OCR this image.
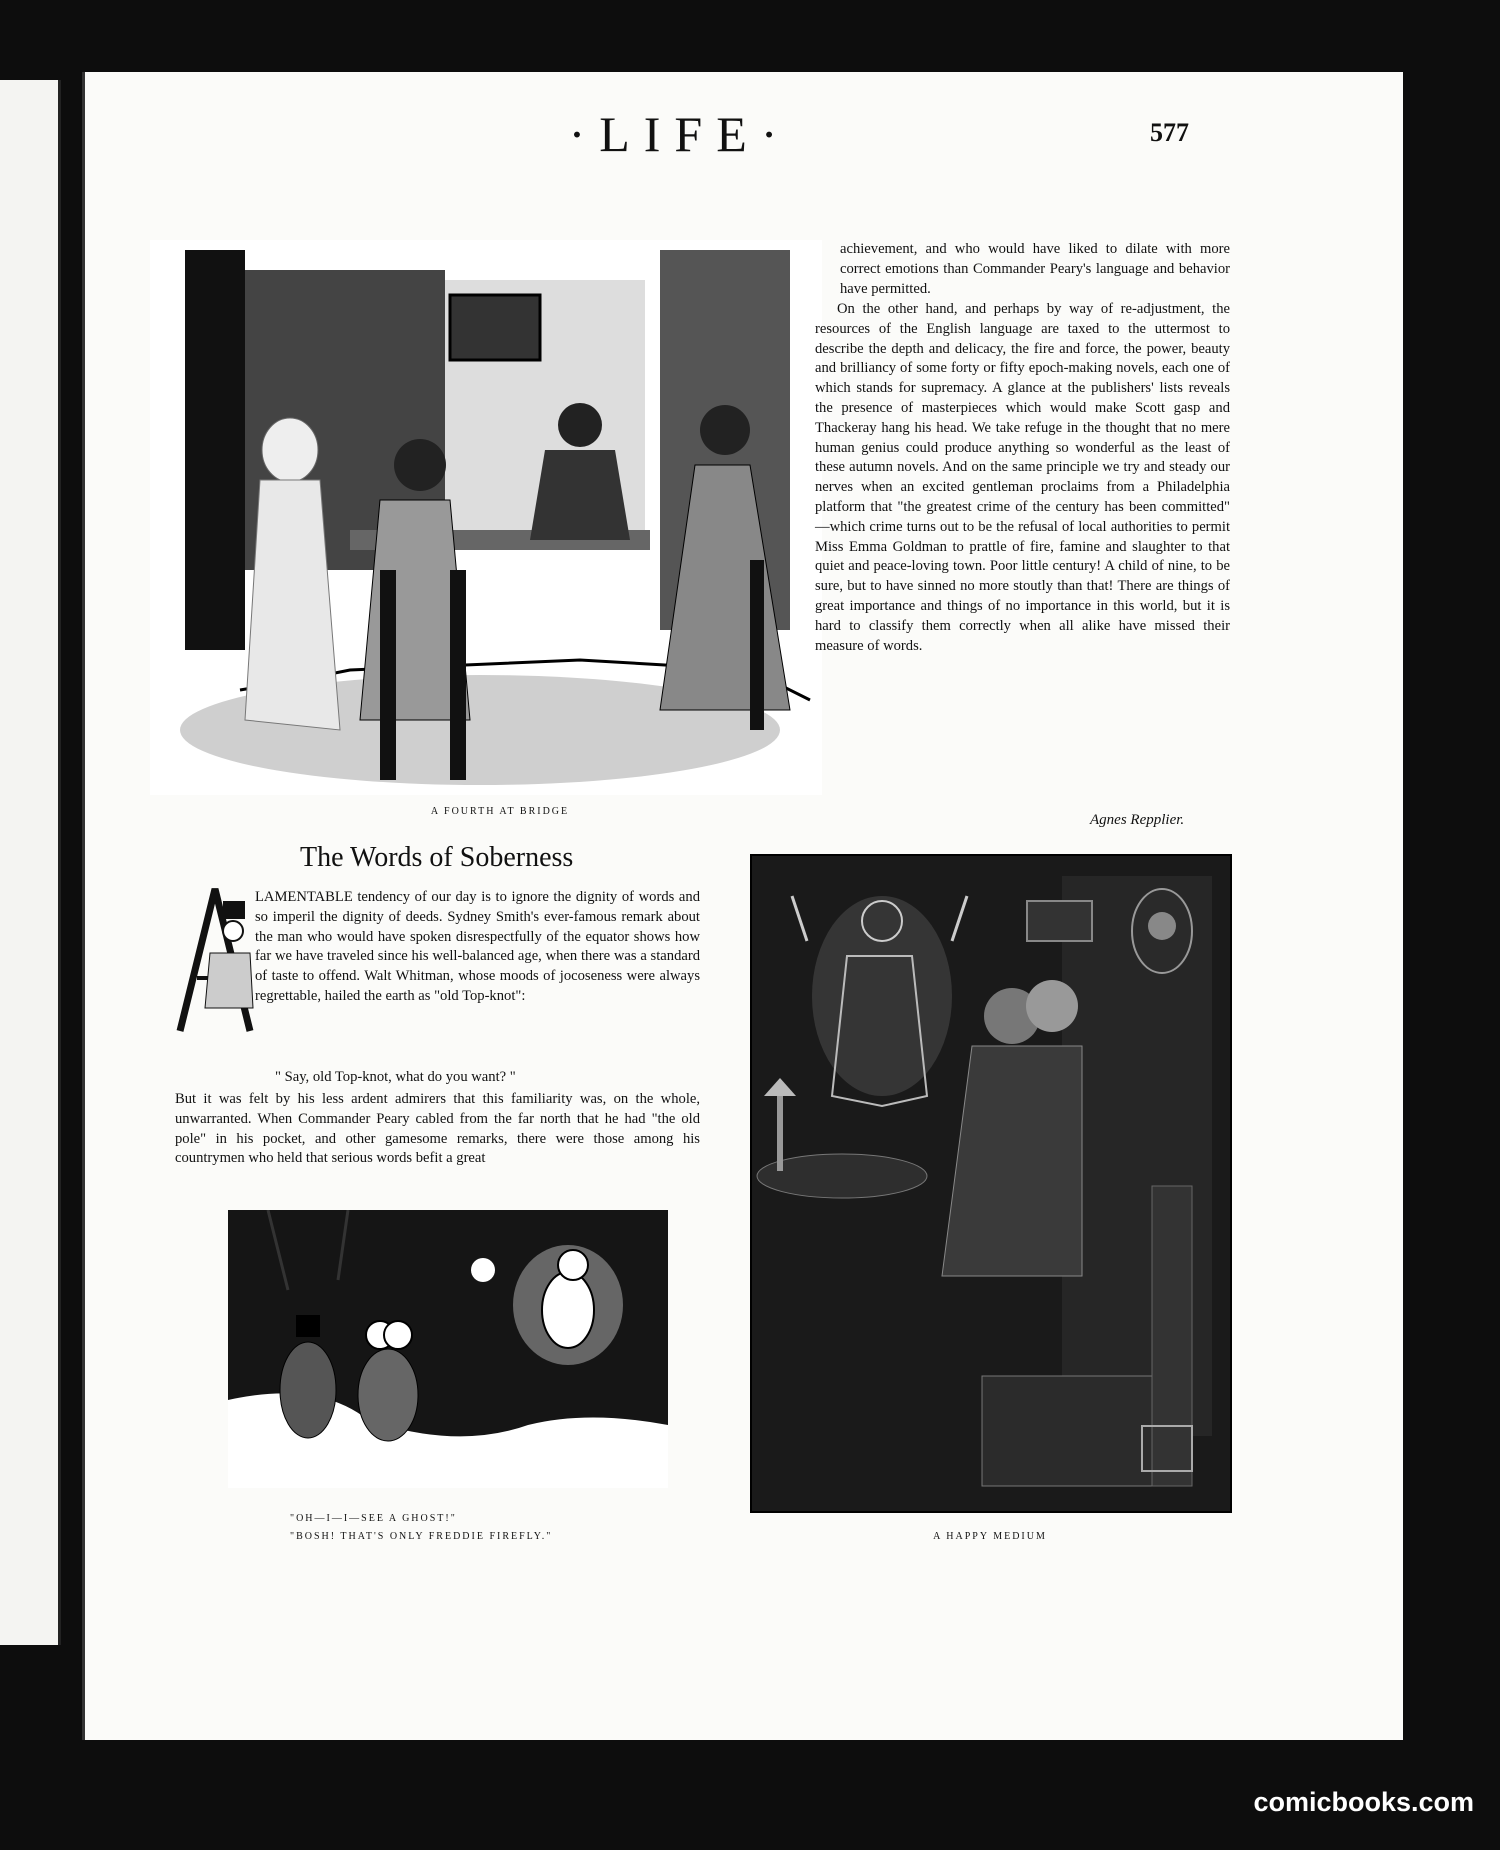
·LIFE·	577
A FOURTH AT BRIDGE

achievement, and who would have liked to dilate with more correct emotions than Commander Peary's language and behavior have permitted.

On the other hand, and perhaps by way of re-adjustment, the resources of the English language are taxed to the uttermost to describe the depth and delicacy, the fire and force, the power, beauty and brilliancy of some forty or fifty epoch-making novels, each one of which stands for supremacy. A glance at the publishers' lists reveals the presence of masterpieces which would make Scott gasp and Thackeray hang his head. We take refuge in the thought that no mere human genius could produce anything so wonderful as the least of these autumn novels. And on the same principle we try and steady our nerves when an excited gentleman proclaims from a Philadelphia platform that "the greatest crime of the century has been committed" —which crime turns out to be the refusal of local authorities to permit Miss Emma Goldman to prattle of fire, famine and slaughter to that quiet and peace-loving town. Poor little century! A child of nine, to be sure, but to have sinned no more stoutly than that! There are things of great importance and things of no importance in this world, but it is hard to classify them correctly when all alike have missed their measure of words.

Agnes Repplier.
The Words of Soberness

LAMENTABLE tendency of our day is to ignore the dignity of words and so imperil the dignity of deeds. Sydney Smith's ever-famous remark about the man who would have spoken disrespectfully of the equator shows how far we have traveled since his well-balanced age, when there was a standard of taste to offend. Walt Whitman, whose moods of jocoseness were always regrettable, hailed the earth as "old Top-knot":

" Say, old Top-knot, what do you want? "

But it was felt by his less ardent admirers that this familiarity was, on the whole, unwarranted. When Commander Peary cabled from the far north that he had "the old pole" in his pocket, and other gamesome remarks, there were those among his countrymen who held that serious words befit a great

"OH—I—I—SEE A GHOST!"
"BOSH! THAT'S ONLY FREDDIE FIREFLY."	A HAPPY MEDIUM
comicbooks.com
